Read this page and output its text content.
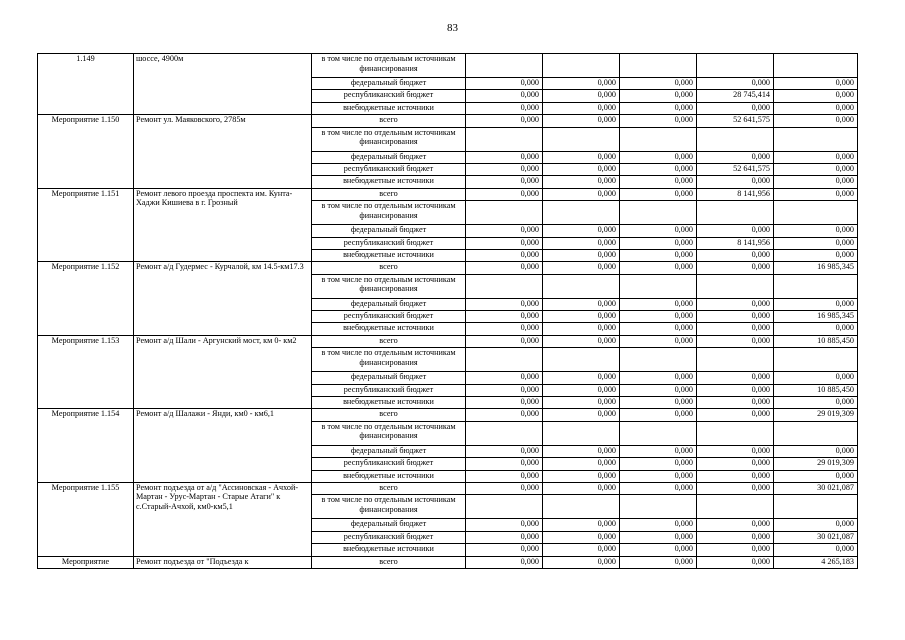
83
1.149	шоссе, 4900м	в том числе по отдельным источникам финансирования					
		федеральный бюджет	0,000	0,000	0,000	0,000	0,000
		республиканский бюджет	0,000	0,000	0,000	28 745,414	0,000
		внебюджетные источники	0,000	0,000	0,000	0,000	0,000
Мероприятие 1.150	Ремонт ул. Маяковского, 2785м	всего	0,000	0,000	0,000	52 641,575	0,000
		в том числе по отдельным источникам финансирования					
		федеральный бюджет	0,000	0,000	0,000	0,000	0,000
		республиканский бюджет	0,000	0,000	0,000	52 641,575	0,000
		внебюджетные источники	0,000	0,000	0,000	0,000	0,000
Мероприятие 1.151	Ремонт левого проезда проспекта им. Кунта-Хаджи Кишиева в г. Грозный	всего	0,000	0,000	0,000	8 141,956	0,000
		в том числе по отдельным источникам финансирования					
		федеральный бюджет	0,000	0,000	0,000	0,000	0,000
		республиканский бюджет	0,000	0,000	0,000	8 141,956	0,000
		внебюджетные источники	0,000	0,000	0,000	0,000	0,000
Мероприятие 1.152	Ремонт а/д Гудермес - Курчалой, км 14.5-км17.3	всего	0,000	0,000	0,000	0,000	16 985,345
		в том числе по отдельным источникам финансирования					
		федеральный бюджет	0,000	0,000	0,000	0,000	0,000
		республиканский бюджет	0,000	0,000	0,000	0,000	16 985,345
		внебюджетные источники	0,000	0,000	0,000	0,000	0,000
Мероприятие 1.153	Ремонт а/д Шали - Аргунский мост, км 0- км2	всего	0,000	0,000	0,000	0,000	10 885,450
		в том числе по отдельным источникам финансирования					
		федеральный бюджет	0,000	0,000	0,000	0,000	0,000
		республиканский бюджет	0,000	0,000	0,000	0,000	10 885,450
		внебюджетные источники	0,000	0,000	0,000	0,000	0,000
Мероприятие 1.154	Ремонт а/д Шалажи - Янди, км0 - км6,1	всего	0,000	0,000	0,000	0,000	29 019,309
		в том числе по отдельным источникам финансирования					
		федеральный бюджет	0,000	0,000	0,000	0,000	0,000
		республиканский бюджет	0,000	0,000	0,000	0,000	29 019,309
		внебюджетные источники	0,000	0,000	0,000	0,000	0,000
Мероприятие 1.155	Ремонт подъезда от а/д "Ассиновская - Ачхой-Мартан - Урус-Мартан - Старые Атаги" к с.Старый-Ачхой, км0-км5,1	всего	0,000	0,000	0,000	0,000	30 021,087
		в том числе по отдельным источникам финансирования					
		федеральный бюджет	0,000	0,000	0,000	0,000	0,000
		республиканский бюджет	0,000	0,000	0,000	0,000	30 021,087
		внебюджетные источники	0,000	0,000	0,000	0,000	0,000
Мероприятие	Ремонт подъезда от "Подъезда к	всего	0,000	0,000	0,000	0,000	4 265,183
